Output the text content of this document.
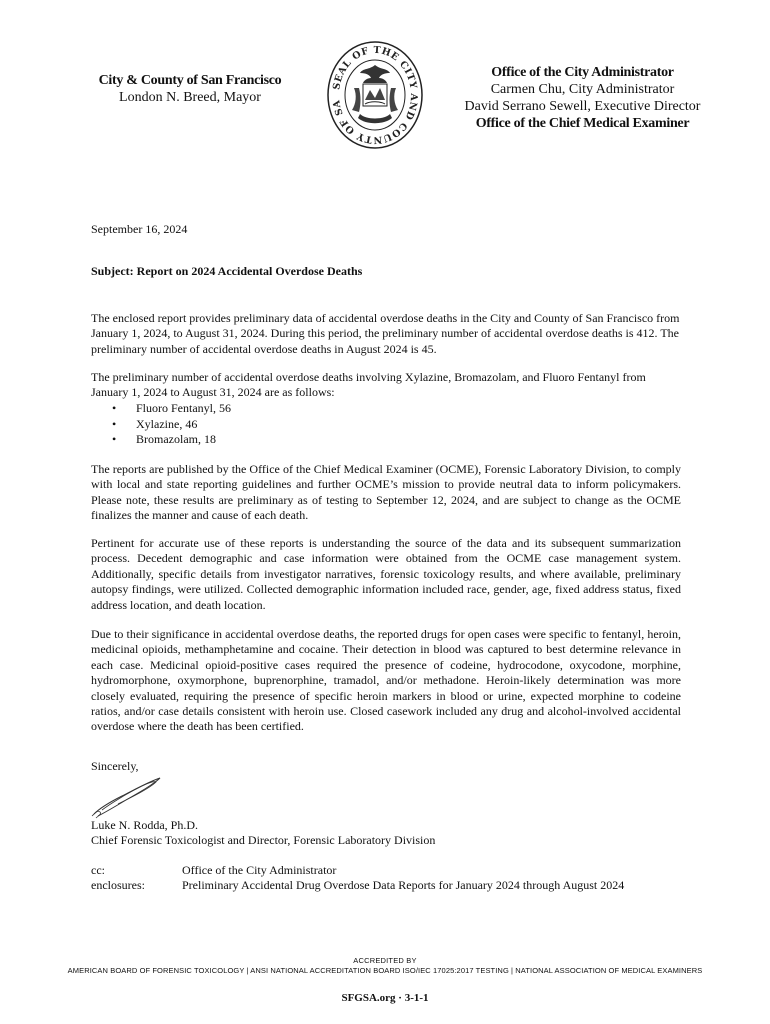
City & County of San Francisco
London N. Breed, Mayor
SEAL OF THE CITY AND COUNTY OF SA
Office of the City Administrator
Carmen Chu, City Administrator
David Serrano Sewell, Executive Director
Office of the Chief Medical Examiner
September 16, 2024
Subject: Report on 2024 Accidental Overdose Deaths
The enclosed report provides preliminary data of accidental overdose deaths in the City and County of San Francisco from January 1, 2024, to August 31, 2024. During this period, the preliminary number of accidental overdose deaths is 412. The preliminary number of accidental overdose deaths in August 2024 is 45.
The preliminary number of accidental overdose deaths involving Xylazine, Bromazolam, and Fluoro Fentanyl from January 1, 2024 to August 31, 2024 are as follows:
• Fluoro Fentanyl, 56
• Xylazine, 46
• Bromazolam, 18
The reports are published by the Office of the Chief Medical Examiner (OCME), Forensic Laboratory Division, to comply with local and state reporting guidelines and further OCME’s mission to provide neutral data to inform policymakers. Please note, these results are preliminary as of testing to September 12, 2024, and are subject to change as the OCME finalizes the manner and cause of each death.
Pertinent for accurate use of these reports is understanding the source of the data and its subsequent summarization process. Decedent demographic and case information were obtained from the OCME case management system. Additionally, specific details from investigator narratives, forensic toxicology results, and where available, preliminary autopsy findings, were utilized. Collected demographic information included race, gender, age, fixed address status, fixed address location, and death location.
Due to their significance in accidental overdose deaths, the reported drugs for open cases were specific to fentanyl, heroin, medicinal opioids, methamphetamine and cocaine. Their detection in blood was captured to best determine relevance in each case. Medicinal opioid-positive cases required the presence of codeine, hydrocodone, oxycodone, morphine, hydromorphone, oxymorphone, buprenorphine, tramadol, and/or methadone. Heroin-likely determination was more closely evaluated, requiring the presence of specific heroin markers in blood or urine, expected morphine to codeine ratios, and/or case details consistent with heroin use. Closed casework included any drug and alcohol-involved accidental overdose where the death has been certified.
Sincerely,
Luke N. Rodda, Ph.D.
Chief Forensic Toxicologist and Director, Forensic Laboratory Division
cc:	Office of the City Administrator
enclosures:	Preliminary Accidental Drug Overdose Data Reports for January 2024 through August 2024
ACCREDITED BY
AMERICAN BOARD OF FORENSIC TOXICOLOGY | ANSI NATIONAL ACCREDITATION BOARD ISO/IEC 17025:2017 TESTING | NATIONAL ASSOCIATION OF MEDICAL EXAMINERS
SFGSA.org · 3-1-1
